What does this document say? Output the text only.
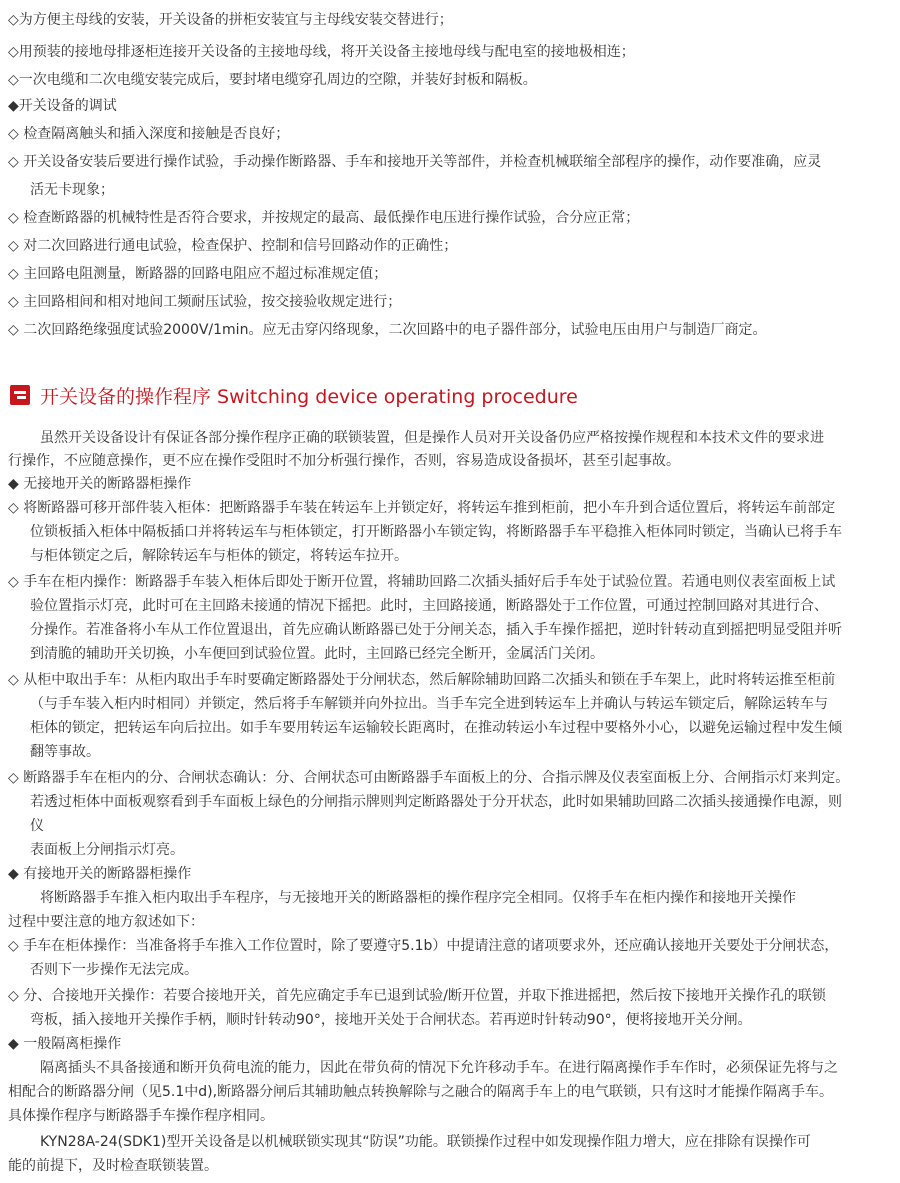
◇为方便主母线的安装，开关设备的拼柜安装宜与主母线安装交替进行；
◇用预装的接地母排逐柜连接开关设备的主接地母线，将开关设备主接地母线与配电室的接地极相连；
◇一次电缆和二次电缆安装完成后，要封堵电缆穿孔周边的空隙，并装好封板和隔板。
◆开关设备的调试
◇ 检查隔离触头和插入深度和接触是否良好；
◇ 开关设备安装后要进行操作试验，手动操作断路器、手车和接地开关等部件，并检查机械联缩全部程序的操作，动作要准确，应灵
活无卡现象；
◇ 检查断路器的机械特性是否符合要求，并按规定的最高、最低操作电压进行操作试验，合分应正常；
◇ 对二次回路进行通电试验，检查保护、控制和信号回路动作的正确性；
◇ 主回路电阻测量，断路器的回路电阻应不超过标准规定值；
◇ 主回路相间和相对地间工频耐压试验，按交接验收规定进行；
◇ 二次回路绝缘强度试验2000V/1min。应无击穿闪络现象，二次回路中的电子器件部分，试验电压由用户与制造厂商定。
开关设备的操作程序 Switching device operating procedure
虽然开关设备设计有保证各部分操作程序正确的联锁装置，但是操作人员对开关设备仍应严格按操作规程和本技术文件的要求进
行操作，不应随意操作，更不应在操作受阻时不加分析强行操作，否则，容易造成设备损坏，甚至引起事故。
◆ 无接地开关的断路器柜操作
◇ 将断路器可移开部件装入柜体：把断路器手车装在转运车上并锁定好，将转运车推到柜前，把小车升到合适位置后，将转运车前部定
位锁板插入柜体中隔板插口并将转运车与柜体锁定，打开断路器小车锁定钩，将断路器手车平稳推入柜体同时锁定，当确认已将手车
与柜体锁定之后，解除转运车与柜体的锁定，将转运车拉开。
◇ 手车在柜内操作：断路器手车装入柜体后即处于断开位置，将辅助回路二次插头插好后手车处于试验位置。若通电则仪表室面板上试
验位置指示灯亮，此时可在主回路未接通的情况下摇把。此时，主回路接通，断路器处于工作位置，可通过控制回路对其进行合、
分操作。若准备将小车从工作位置退出，首先应确认断路器已处于分闸关态，插入手车操作摇把，逆时针转动直到摇把明显受阻并听
到清脆的辅助开关切换，小车便回到试验位置。此时，主回路已经完全断开，金属活门关闭。
◇ 从柜中取出手车：从柜内取出手车时要确定断路器处于分闸状态，然后解除辅助回路二次插头和锁在手车架上，此时将转运推至柜前
（与手车装入柜内时相同）并锁定，然后将手车解锁并向外拉出。当手车完全进到转运车上并确认与转运车锁定后，解除运转车与
柜体的锁定，把转运车向后拉出。如手车要用转运车运输较长距离时，在推动转运小车过程中要格外小心，以避免运输过程中发生倾
翻等事故。
◇ 断路器手车在柜内的分、合闸状态确认：分、合闸状态可由断路器手车面板上的分、合指示牌及仪表室面板上分、合闸指示灯来判定。
若透过柜体中面板观察看到手车面板上绿色的分闸指示牌则判定断路器处于分开状态，此时如果辅助回路二次插头接通操作电源，则
仪
表面板上分闸指示灯亮。
◆ 有接地开关的断路器柜操作
将断路器手车推入柜内取出手车程序，与无接地开关的断路器柜的操作程序完全相同。仅将手车在柜内操作和接地开关操作
过程中要注意的地方叙述如下：
◇ 手车在柜体操作：当准备将手车推入工作位置时，除了要遵守5.1b）中提请注意的诸项要求外，还应确认接地开关要处于分闸状态，
否则下一步操作无法完成。
◇ 分、合接地开关操作：若要合接地开关，首先应确定手车已退到试验/断开位置，并取下推进摇把，然后按下接地开关操作孔的联锁
弯板，插入接地开关操作手柄，顺时针转动90°，接地开关处于合闸状态。若再逆时针转动90°，便将接地开关分闸。
◆ 一般隔离柜操作
隔离插头不具备接通和断开负荷电流的能力，因此在带负荷的情况下允许移动手车。在进行隔离操作手车作时，必须保证先将与之
相配合的断路器分闸（见5.1中d),断路器分闸后其辅助触点转换解除与之融合的隔离手车上的电气联锁，只有这时才能操作隔离手车。
具体操作程序与断路器手车操作程序相同。
KYN28A-24(SDK1)型开关设备是以机械联锁实现其“防误”功能。联锁操作过程中如发现操作阻力增大，应在排除有误操作可
能的前提下，及时检查联锁装置。
